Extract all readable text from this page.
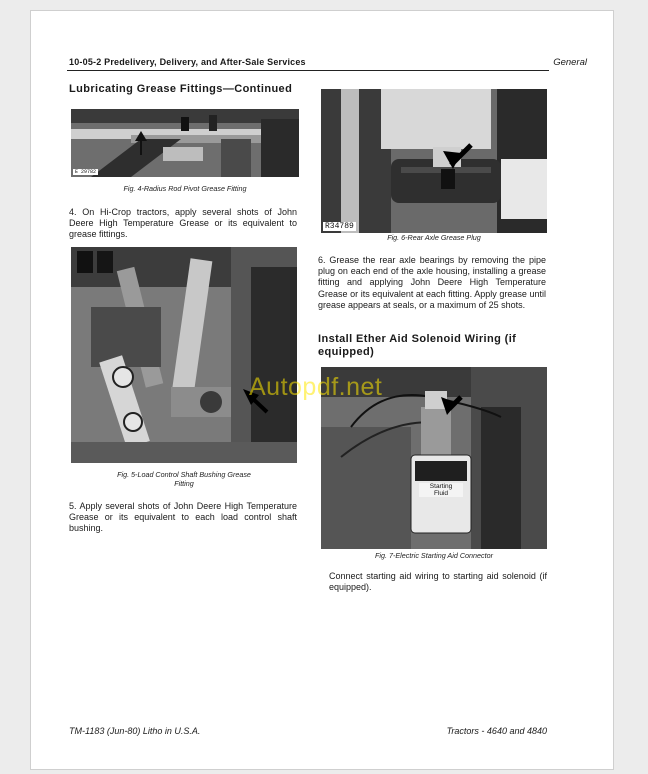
10-05-2 Predelivery, Delivery, and After-Sale Services	General
Lubricating Grease Fittings—Continued
E 29782
Fig. 4-Radius Rod Pivot Grease Fitting
4. On Hi-Crop tractors, apply several shots of John Deere High Temperature Grease or its equivalent to grease fittings.
Fig. 5-Load Control Shaft Bushing Grease
Fitting
5. Apply several shots of John Deere High Temperature Grease or its equivalent to each load control shaft bushing.
R34789
Fig. 6-Rear Axle Grease Plug
6. Grease the rear axle bearings by removing the pipe plug on each end of the axle housing, installing a grease fitting and applying John Deere High Temperature Grease or its equivalent at each fitting. Apply grease until grease appears at seals, or a maximum of 25 shots.
Install Ether Aid Solenoid Wiring (if equipped)
Starting
Fluid
Fig. 7-Electric Starting Aid Connector
Connect starting aid wiring to starting aid solenoid (if equipped).
TM-1183 (Jun-80) Litho in U.S.A.	Tractors - 4640 and 4840
Autopdf.net
